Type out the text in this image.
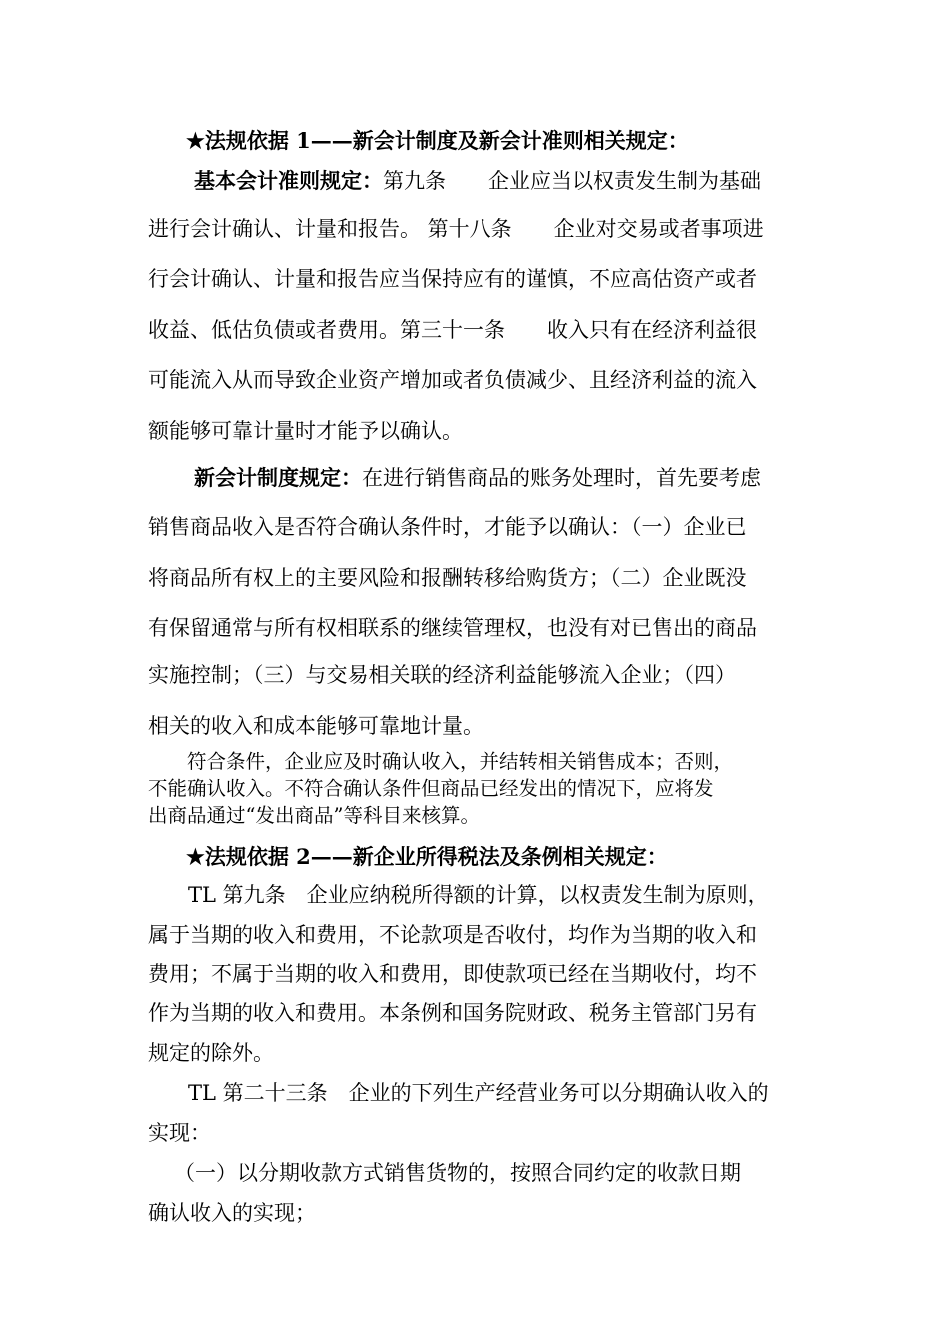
★法规依据 1——新会计制度及新会计准则相关规定：
基本会计准则规定：第九条　　企业应当以权责发生制为基础
进行会计确认、计量和报告。 第十八条　　企业对交易或者事项进
行会计确认、计量和报告应当保持应有的谨慎，不应高估资产或者
收益、低估负债或者费用。第三十一条　　收入只有在经济利益很
可能流入从而导致企业资产增加或者负债减少、且经济利益的流入
额能够可靠计量时才能予以确认。
新会计制度规定：在进行销售商品的账务处理时，首先要考虑
销售商品收入是否符合确认条件时，才能予以确认：（一）企业已
将商品所有权上的主要风险和报酬转移给购货方；（二）企业既没
有保留通常与所有权相联系的继续管理权，也没有对已售出的商品
实施控制；（三）与交易相关联的经济利益能够流入企业；（四）
相关的收入和成本能够可靠地计量。
符合条件，企业应及时确认收入，并结转相关销售成本；否则，
不能确认收入。不符合确认条件但商品已经发出的情况下，应将发
出商品通过“发出商品”等科目来核算。
★法规依据 2——新企业所得税法及条例相关规定：
TL 第九条　企业应纳税所得额的计算，以权责发生制为原则，
属于当期的收入和费用，不论款项是否收付，均作为当期的收入和
费用；不属于当期的收入和费用，即使款项已经在当期收付，均不
作为当期的收入和费用。本条例和国务院财政、税务主管部门另有
规定的除外。
TL 第二十三条　企业的下列生产经营业务可以分期确认收入的
实现：
（一）以分期收款方式销售货物的，按照合同约定的收款日期
确认收入的实现；
